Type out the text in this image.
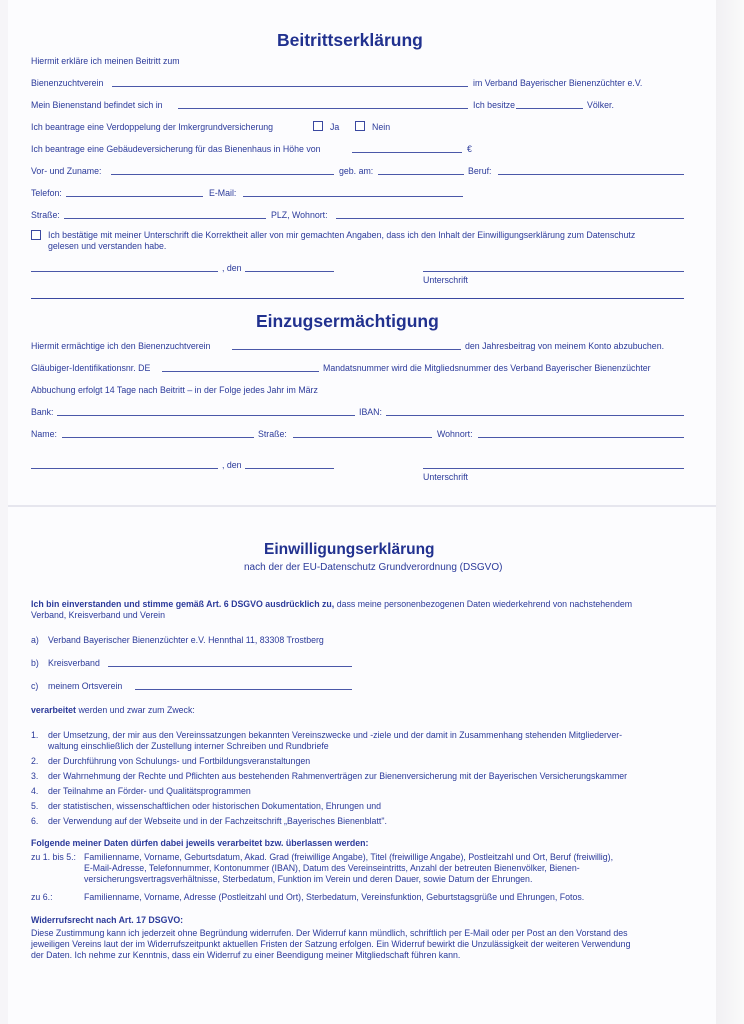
Beitrittserklärung
Hiermit erkläre ich meinen Beitritt zum
Bienenzuchtverein	im Verband Bayerischer Bienenzüchter e.V.
Mein Bienenstand befindet sich in	Ich besitze	Völker.
Ich beantrage eine Verdoppelung der Imkergrundversicherung	Ja	Nein
Ich beantrage eine Gebäudeversicherung für das Bienenhaus in Höhe von	€
Vor- und Zuname:	geb. am:	Beruf:
Telefon:	E-Mail:
Straße:	PLZ, Wohnort:
Ich bestätige mit meiner Unterschrift die Korrektheit aller von mir gemachten Angaben, dass ich den Inhalt der Einwilligungserklärung zum Datenschutz
gelesen und verstanden habe.
, den
Unterschrift
Einzugsermächtigung
Hiermit ermächtige ich den Bienenzuchtverein	den Jahresbeitrag von meinem Konto abzubuchen.
Gläubiger-Identifikationsnr. DE	Mandatsnummer wird die Mitgliedsnummer des Verband Bayerischer Bienenzüchter
Abbuchung erfolgt 14 Tage nach Beitritt – in der Folge jedes Jahr im März
Bank:	IBAN:
Name:	Straße:	Wohnort:
, den
Unterschrift
Einwilligungserklärung
nach der der EU-Datenschutz Grundverordnung (DSGVO)
Ich bin einverstanden und stimme gemäß Art. 6 DSGVO ausdrücklich zu, dass meine personenbezogenen Daten wiederkehrend von nachstehendem
Verband, Kreisverband und Verein
a) Verband Bayerischer Bienenzüchter e.V. Hennthal 11, 83308 Trostberg
b) Kreisverband
c) meinem Ortsverein
verarbeitet werden und zwar zum Zweck:
1. der Umsetzung, der mir aus den Vereinssatzungen bekannten Vereinszwecke und -ziele und der damit in Zusammenhang stehenden Mitgliederver-
waltung einschließlich der Zustellung interner Schreiben und Rundbriefe
2. der Durchführung von Schulungs- und Fortbildungsveranstaltungen
3. der Wahrnehmung der Rechte und Pflichten aus bestehenden Rahmenverträgen zur Bienenversicherung mit der Bayerischen Versicherungskammer
4. der Teilnahme an Förder- und Qualitätsprogrammen
5. der statistischen, wissenschaftlichen oder historischen Dokumentation, Ehrungen und
6. der Verwendung auf der Webseite und in der Fachzeitschrift „Bayerisches Bienenblatt".
Folgende meiner Daten dürfen dabei jeweils verarbeitet bzw. überlassen werden:
zu 1. bis 5.: Familienname, Vorname, Geburtsdatum, Akad. Grad (freiwillige Angabe), Titel (freiwillige Angabe), Postleitzahl und Ort, Beruf (freiwillig),
E-Mail-Adresse, Telefonnummer, Kontonummer (IBAN), Datum des Vereinseintritts, Anzahl der betreuten Bienenvölker, Bienen-
versicherungsvertragsverhältnisse, Sterbedatum, Funktion im Verein und deren Dauer, sowie Datum der Ehrungen.
zu 6.:	Familienname, Vorname, Adresse (Postleitzahl und Ort), Sterbedatum, Vereinsfunktion, Geburtstagsgrüße und Ehrungen, Fotos.
Widerrufsrecht nach Art. 17 DSGVO:
Diese Zustimmung kann ich jederzeit ohne Begründung widerrufen. Der Widerruf kann mündlich, schriftlich per E-Mail oder per Post an den Vorstand des
jeweiligen Vereins laut der im Widerrufszeitpunkt aktuellen Fristen der Satzung erfolgen. Ein Widerruf bewirkt die Unzulässigkeit der weiteren Verwendung
der Daten. Ich nehme zur Kenntnis, dass ein Widerruf zu einer Beendigung meiner Mitgliedschaft führen kann.
